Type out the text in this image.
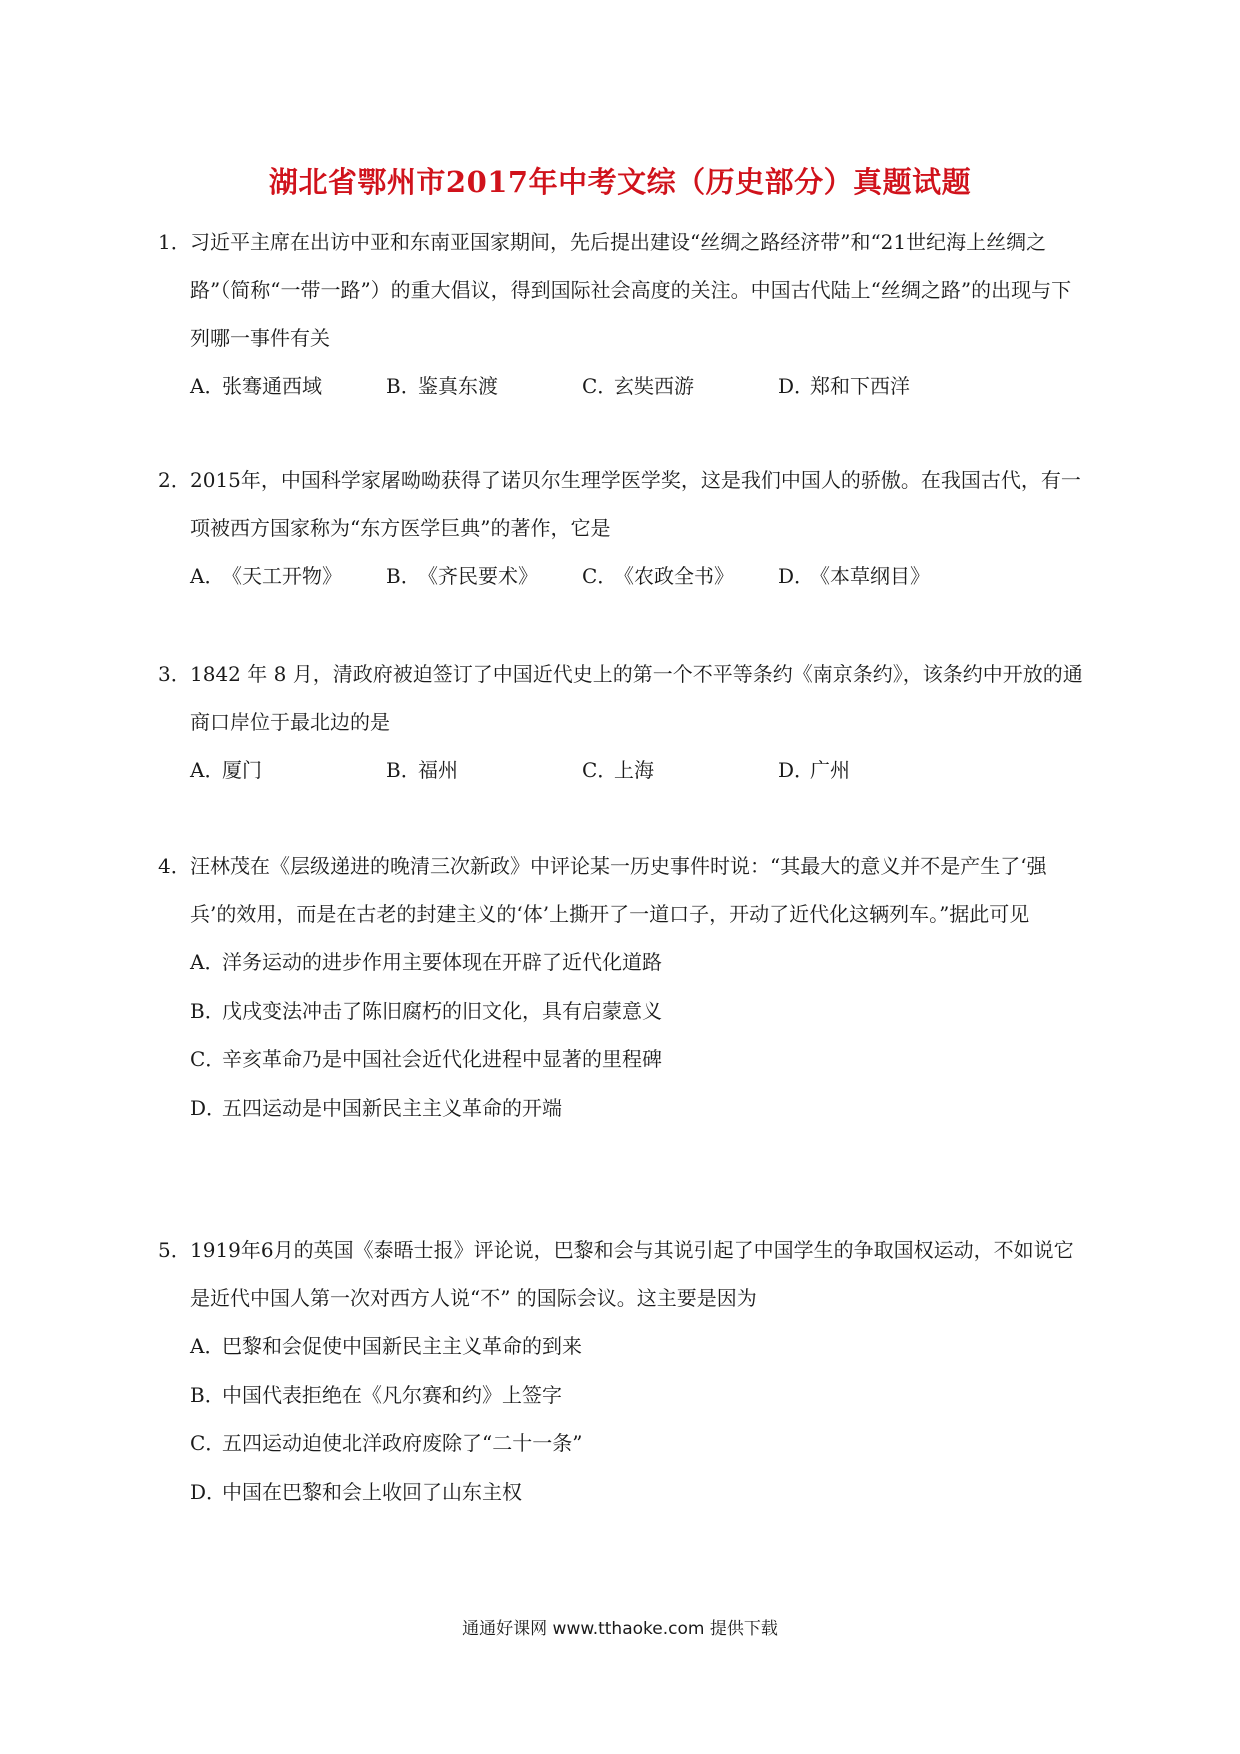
湖北省鄂州市2017年中考文综（历史部分）真题试题

1．习近平主席在出访中亚和东南亚国家期间，先后提出建设“丝绸之路经济带”和“21世纪海上丝绸之路”（简称“一带一路”）的重大倡议，得到国际社会高度的关注。中国古代陆上“丝绸之路”的出现与下列哪一事件有关

A．张骞通西域	B．鉴真东渡	C．玄奘西游	D．郑和下西洋

2．2015年，中国科学家屠呦呦获得了诺贝尔生理学医学奖，这是我们中国人的骄傲。在我国古代，有一项被西方国家称为“东方医学巨典”的著作，它是

A．《天工开物》	B．《齐民要术》	C．《农政全书》	D．《本草纲目》

3．1842 年 8 月，清政府被迫签订了中国近代史上的第一个不平等条约《南京条约》，该条约中开放的通商口岸位于最北边的是

A．厦门	B．福州	C．上海	D．广州

4．汪林茂在《层级递进的晚清三次新政》中评论某一历史事件时说：“其最大的意义并不是产生了‘强兵’的效用，而是在古老的封建主义的‘体’上撕开了一道口子，开动了近代化这辆列车。”据此可见

A．洋务运动的进步作用主要体现在开辟了近代化道路
B．戊戌变法冲击了陈旧腐朽的旧文化，具有启蒙意义
C．辛亥革命乃是中国社会近代化进程中显著的里程碑
D．五四运动是中国新民主主义革命的开端

5．1919年6月的英国《泰晤士报》评论说，巴黎和会与其说引起了中国学生的争取国权运动，不如说它是近代中国人第一次对西方人说“不” 的国际会议。这主要是因为

A．巴黎和会促使中国新民主主义革命的到来
B．中国代表拒绝在《凡尔赛和约》上签字
C．五四运动迫使北洋政府废除了“二十一条”
D．中国在巴黎和会上收回了山东主权
通通好课网 www.tthaoke.com 提供下载
